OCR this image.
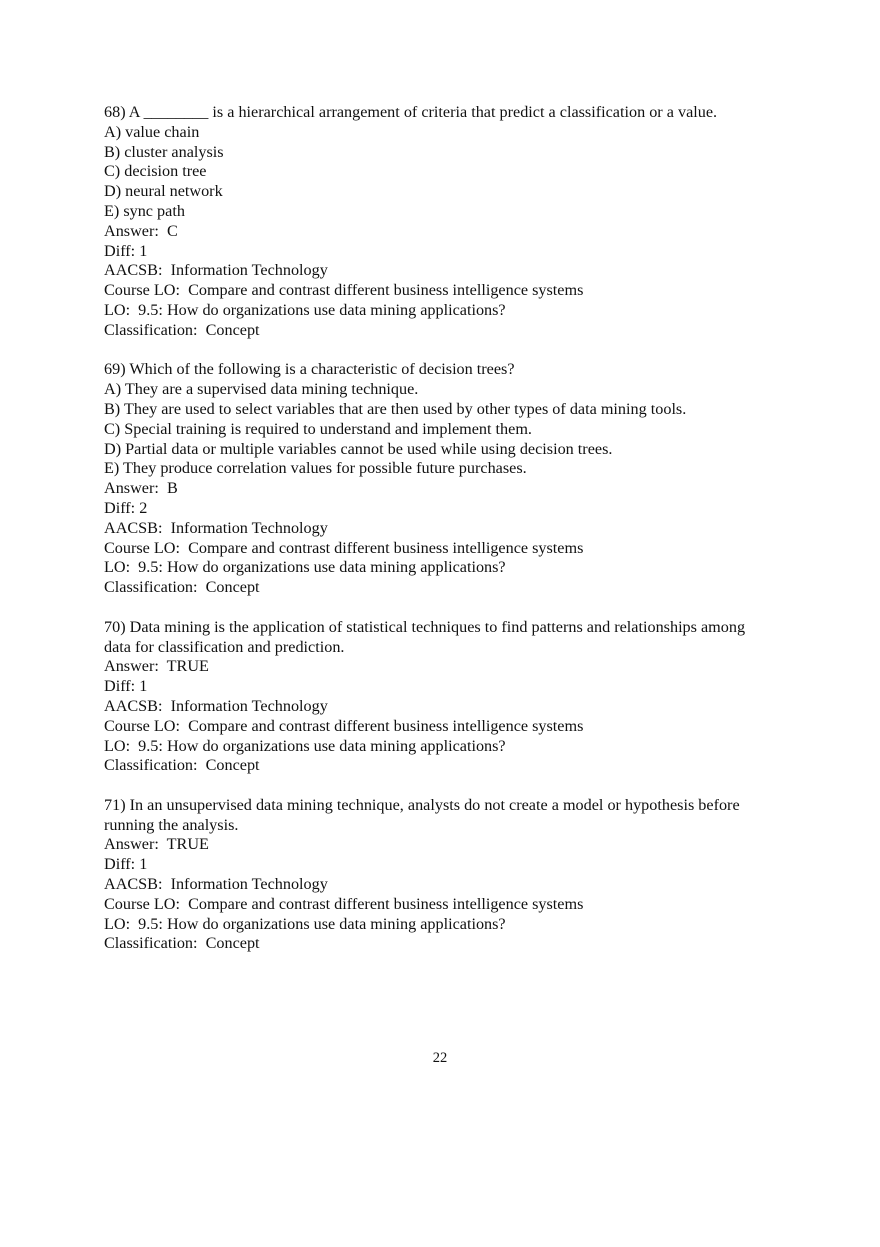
68) A ________ is a hierarchical arrangement of criteria that predict a classification or a value.

A) value chain

B) cluster analysis

C) decision tree

D) neural network

E) sync path

Answer:  C

Diff: 1

AACSB:  Information Technology

Course LO:  Compare and contrast different business intelligence systems

LO:  9.5: How do organizations use data mining applications?

Classification:  Concept

69) Which of the following is a characteristic of decision trees?

A) They are a supervised data mining technique.

B) They are used to select variables that are then used by other types of data mining tools.

C) Special training is required to understand and implement them.

D) Partial data or multiple variables cannot be used while using decision trees.

E) They produce correlation values for possible future purchases.

Answer:  B

Diff: 2

AACSB:  Information Technology

Course LO:  Compare and contrast different business intelligence systems

LO:  9.5: How do organizations use data mining applications?

Classification:  Concept

70) Data mining is the application of statistical techniques to find patterns and relationships among data for classification and prediction.

Answer:  TRUE

Diff: 1

AACSB:  Information Technology

Course LO:  Compare and contrast different business intelligence systems

LO:  9.5: How do organizations use data mining applications?

Classification:  Concept

71) In an unsupervised data mining technique, analysts do not create a model or hypothesis before running the analysis.

Answer:  TRUE

Diff: 1

AACSB:  Information Technology

Course LO:  Compare and contrast different business intelligence systems

LO:  9.5: How do organizations use data mining applications?

Classification:  Concept

22
